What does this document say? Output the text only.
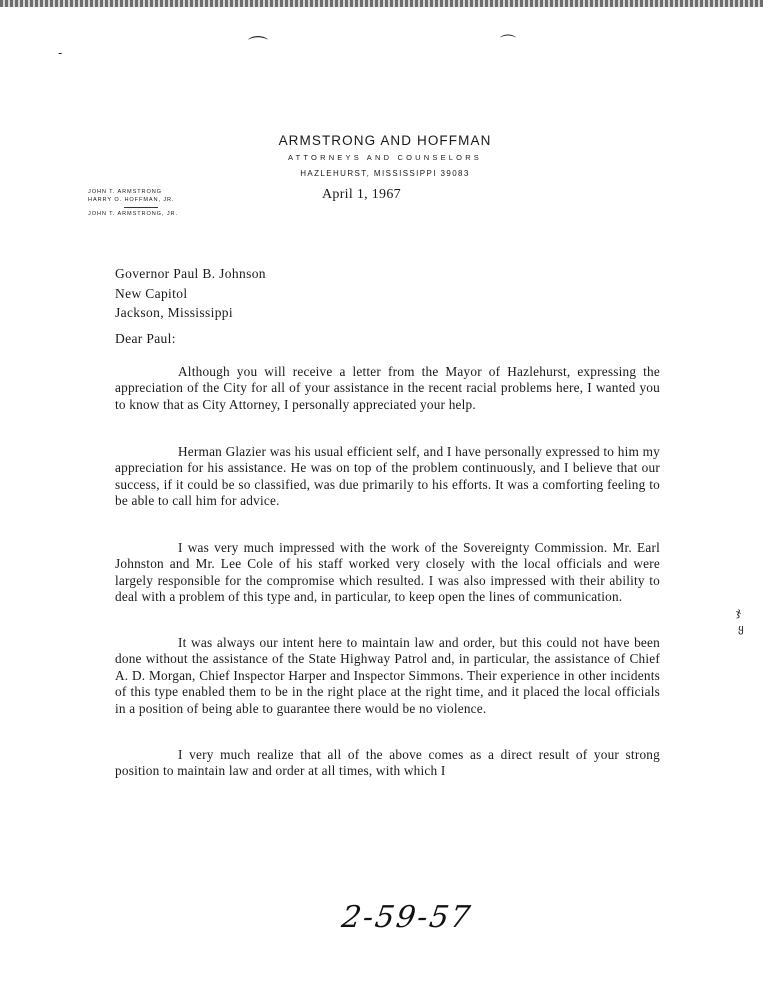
⌒	⌒
-

ARMSTRONG AND HOFFMAN

ATTORNEYS AND COUNSELORS

HAZLEHURST, MISSISSIPPI 39083

JOHN T. ARMSTRONG
HARRY O. HOFFMAN, JR.
JOHN T. ARMSTRONG, JR.
April 1, 1967
Governor Paul B. Johnson
New Capitol
Jackson, Mississippi
Dear Paul:

Although you will receive a letter from the Mayor of Hazlehurst, expressing the appreciation of the City for all of your assistance in the recent racial problems here, I wanted you to know that as City Attorney, I personally appreciated your help.

Herman Glazier was his usual efficient self, and I have personally expressed to him my appreciation for his assistance. He was on top of the problem continuously, and I believe that our success, if it could be so classified, was due primarily to his efforts. It was a comforting feeling to be able to call him for advice.

I was very much impressed with the work of the Sovereignty Commission. Mr. Earl Johnston and Mr. Lee Cole of his staff worked very closely with the local officials and were largely responsible for the compromise which resulted. I was also impressed with their ability to deal with a problem of this type and, in particular, to keep open the lines of communication.

It was always our intent here to maintain law and order, but this could not have been done without the assistance of the State Highway Patrol and, in particular, the assistance of Chief A. D. Morgan, Chief Inspector Harper and Inspector Simmons. Their experience in other incidents of this type enabled them to be in the right place at the right time, and it placed the local officials in a position of being able to guarantee there would be no violence.

I very much realize that all of the above comes as a direct result of your strong position to maintain law and order at all times, with which I

ჯ
ყ
2-59-57
